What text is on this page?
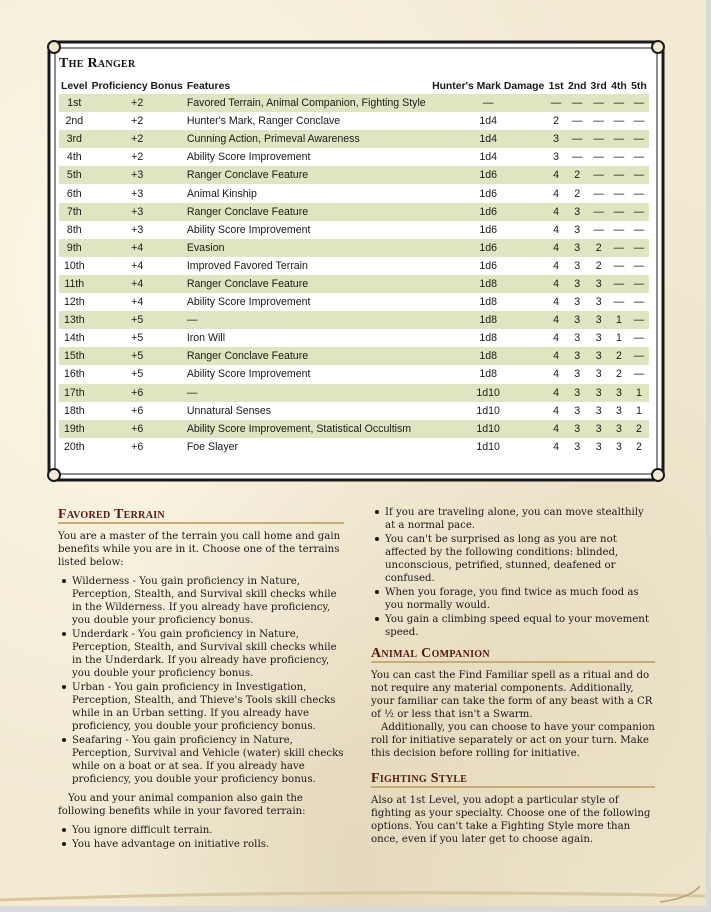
The Ranger
Level	Proficiency Bonus	Features	Hunter's Mark Damage	1st	2nd	3rd	4th	5th
1st	+2	Favored Terrain, Animal Companion, Fighting Style	—	—	—	—	—	—
2nd	+2	Hunter's Mark, Ranger Conclave	1d4	2	—	—	—	—
3rd	+2	Cunning Action, Primeval Awareness	1d4	3	—	—	—	—
4th	+2	Ability Score Improvement	1d4	3	—	—	—	—
5th	+3	Ranger Conclave Feature	1d6	4	2	—	—	—
6th	+3	Animal Kinship	1d6	4	2	—	—	—
7th	+3	Ranger Conclave Feature	1d6	4	3	—	—	—
8th	+3	Ability Score Improvement	1d6	4	3	—	—	—
9th	+4	Evasion	1d6	4	3	2	—	—
10th	+4	Improved Favored Terrain	1d6	4	3	2	—	—
11th	+4	Ranger Conclave Feature	1d8	4	3	3	—	—
12th	+4	Ability Score Improvement	1d8	4	3	3	—	—
13th	+5	—	1d8	4	3	3	1	—
14th	+5	Iron Will	1d8	4	3	3	1	—
15th	+5	Ranger Conclave Feature	1d8	4	3	3	2	—
16th	+5	Ability Score Improvement	1d8	4	3	3	2	—
17th	+6	—	1d10	4	3	3	3	1
18th	+6	Unnatural Senses	1d10	4	3	3	3	1
19th	+6	Ability Score Improvement, Statistical Occultism	1d10	4	3	3	3	2
20th	+6	Foe Slayer	1d10	4	3	3	3	2
Favored Terrain

You are a master of the terrain you call home and gain benefits while you are in it. Choose one of the terrains listed below:

Wilderness - You gain proficiency in Nature, Perception, Stealth, and Survival skill checks while in the Wilderness. If you already have proficiency, you double your proficiency bonus.
Underdark - You gain proficiency in Nature, Perception, Stealth, and Survival skill checks while in the Underdark. If you already have proficiency, you double your proficiency bonus.
Urban - You gain proficiency in Investigation, Perception, Stealth, and Thieve's Tools skill checks while in an Urban setting. If you already have proficiency, you double your proficiency bonus.
Seafaring - You gain proficiency in Nature, Perception, Survival and Vehicle (water) skill checks while on a boat or at sea. If you already have proficiency, you double your proficiency bonus.

You and your animal companion also gain the following benefits while in your favored terrain:

You ignore difficult terrain.
You have advantage on initiative rolls.
If you are traveling alone, you can move stealthily at a normal pace.
You can't be surprised as long as you are not affected by the following conditions: blinded, unconscious, petrified, stunned, deafened or confused.
When you forage, you find twice as much food as you normally would.
You gain a climbing speed equal to your movement speed.
Animal Companion

You can cast the Find Familiar spell as a ritual and do not require any material components. Additionally, your familiar can take the form of any beast with a CR of ½ or less that isn't a Swarm.

Additionally, you can choose to have your companion roll for initiative separately or act on your turn. Make this decision before rolling for initiative.

Fighting Style

Also at 1st Level, you adopt a particular style of fighting as your specialty. Choose one of the following options. You can't take a Fighting Style more than once, even if you later get to choose again.
